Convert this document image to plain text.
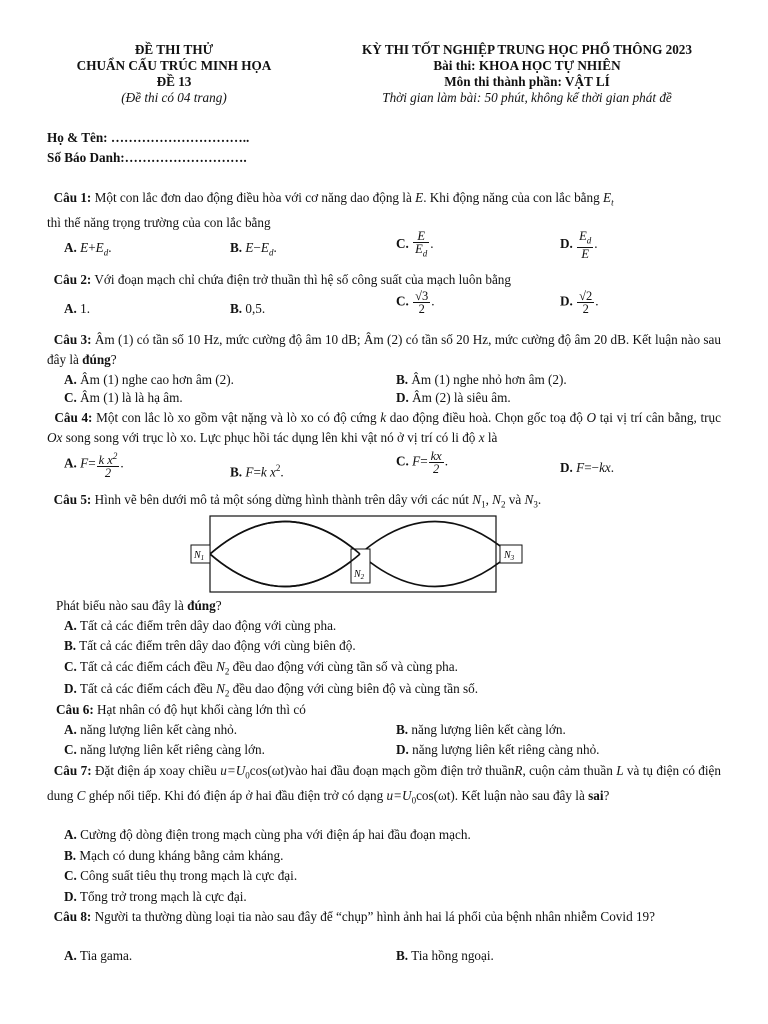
ĐỀ THI THỬ
CHUẨN CẤU TRÚC MINH HỌA
ĐỀ 13
(Đề thi có 04 trang)
KỲ THI TỐT NGHIỆP TRUNG HỌC PHỔ THÔNG 2023
Bài thi: KHOA HỌC TỰ NHIÊN
Môn thi thành phần: VẬT LÍ
Thời gian làm bài: 50 phút, không kể thời gian phát đề
Họ & Tên: …………………………..
Số Báo Danh:……………………….
Câu 1: Một con lắc đơn dao động điều hòa với cơ năng dao động là E. Khi động năng của con lắc bằng $E_t$
thì thế năng trọng trường của con lắc bằng
A. $E+E_d$.	B. $E-E_d$.	C. $\frac{E}{E_d}$ .	D. $\frac{E_d}{E}$ .
Câu 2: Với đoạn mạch chỉ chứa điện trở thuần thì hệ số công suất của mạch luôn bằng
A. 1.	B. 0,5.	C. $\frac{√3}{2}$ .	D. $\frac{√2}{2}$ .
Câu 3: Âm (1) có tần số 10 Hz, mức cường độ âm 10 dB; Âm (2) có tần số 20 Hz, mức cường độ âm 20 dB. Kết luận nào sau đây là đúng?
A. Âm (1) nghe cao hơn âm (2).	B. Âm (1) nghe nhỏ hơn âm (2).
C. Âm (1) là là hạ âm.	D. Âm (2) là siêu âm.
Câu 4: Một con lắc lò xo gồm vật nặng và lò xo có độ cứng k dao động điều hoà. Chọn gốc toạ độ O tại vị trí cân bằng, trục Ox song song với trục lò xo. Lực phục hồi tác dụng lên khi vật nó ở vị trí có li độ x là
A. $F= \frac{k x^2}{2}$ .
B. F=k $x^2$.
C. $F= \frac{kx}{2}$ .	D. F=−kx.
Câu 5: Hình vẽ bên dưới mô tả một sóng dừng hình thành trên dây với các nút $N_1$, $N_2$ và $N_3$.
$N_1$
$N_2$
$N_3$
Phát biểu nào sau đây là đúng?
A. Tất cả các điểm trên dây dao động với cùng pha.
B. Tất cả các điểm trên dây dao động với cùng biên độ.
C. Tất cả các điểm cách đều $N_2$ đều dao động với cùng tần số và cùng pha.
D. Tất cả các điểm cách đều $N_2$ đều dao động với cùng biên độ và cùng tần số.
Câu 6: Hạt nhân có độ hụt khối càng lớn thì có
A. năng lượng liên kết càng nhỏ.	B. năng lượng liên kết càng lớn.
C. năng lượng liên kết riêng càng lớn.	D. năng lượng liên kết riêng càng nhỏ.
Câu 7: Đặt điện áp xoay chiều $u=U_0\cos(\omega t)vào$ hai đầu đoạn mạch gồm điện trở thuầnR, cuộn cảm thuần L và tụ điện có điện dung C ghép nối tiếp. Khi đó điện áp ở hai đầu điện trở có dạng $u=U_0\cos(\omega t)$. Kết luận nào sau đây là sai?
A. Cường độ dòng điện trong mạch cùng pha với điện áp hai đầu đoạn mạch.
B. Mạch có dung kháng bằng cảm kháng.
C. Công suất tiêu thụ trong mạch là cực đại.
D. Tổng trở trong mạch là cực đại.
Câu 8: Người ta thường dùng loại tia nào sau đây để “chụp” hình ảnh hai lá phổi của bệnh nhân nhiễm Covid 19?
A. Tia gama.	B. Tia hồng ngoại.
